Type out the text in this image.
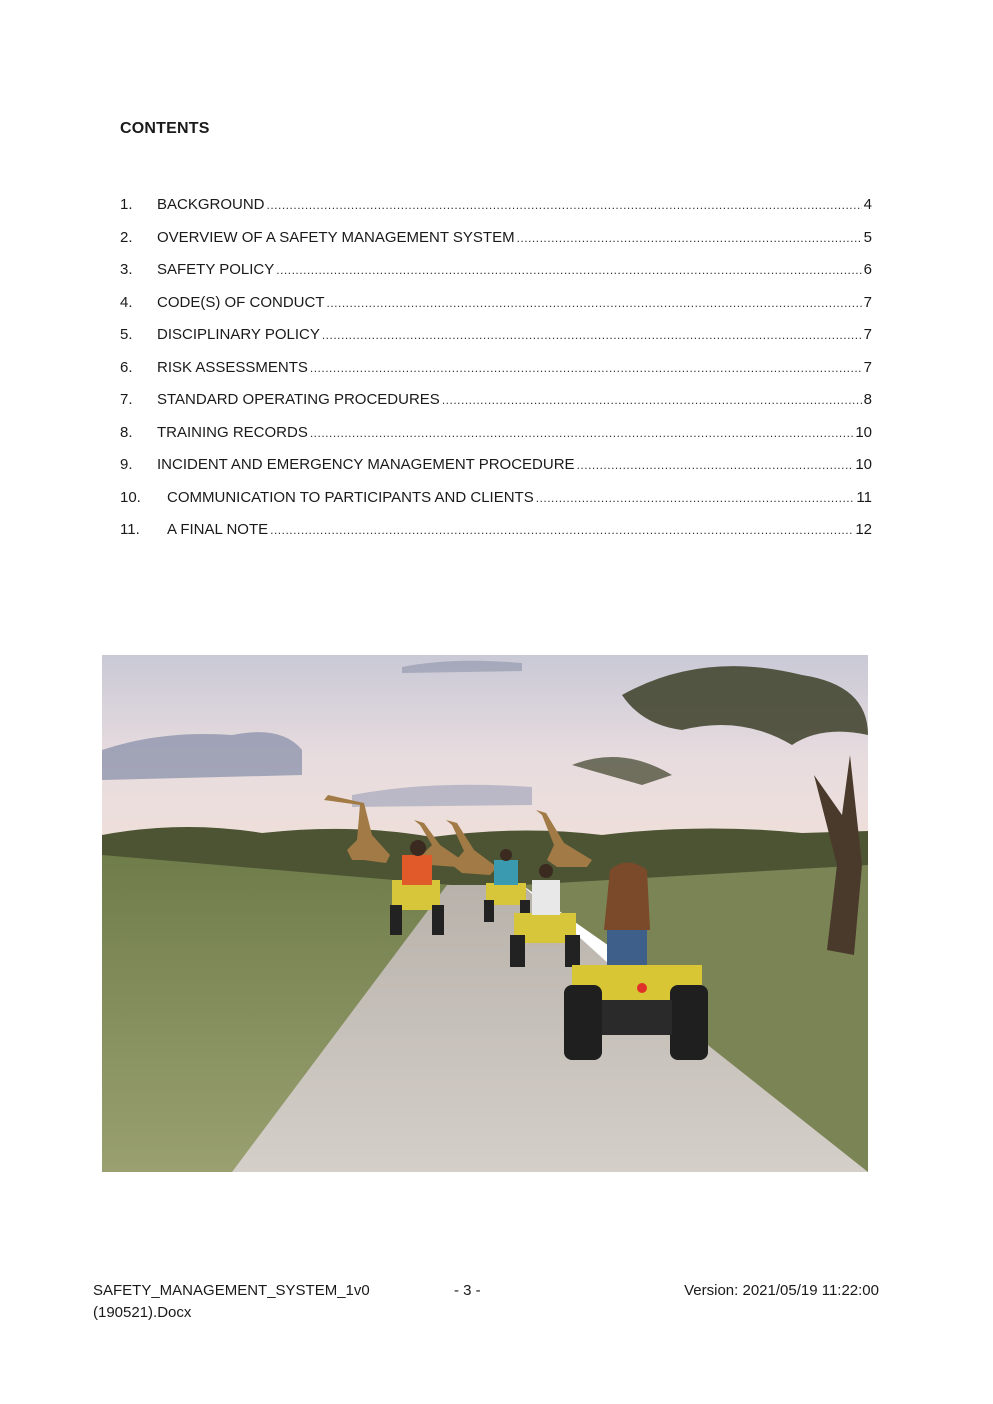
CONTENTS
1.	BACKGROUND .....	4
2.	OVERVIEW OF A SAFETY MANAGEMENT SYSTEM .....	5
3.	SAFETY POLICY .....	6
4.	CODE(S) OF CONDUCT .....	7
5.	DISCIPLINARY POLICY .....	7
6.	RISK ASSESSMENTS .....	7
7.	STANDARD OPERATING PROCEDURES .....	8
8.	TRAINING RECORDS .....	10
9.	INCIDENT AND EMERGENCY MANAGEMENT PROCEDURE .....	10
10.	COMMUNICATION TO PARTICIPANTS AND CLIENTS .....	11
11.	A FINAL NOTE .....	12
SAFETY_MANAGEMENT_SYSTEM_1v0
(190521).Docx
- 3 -	Version: 2021/05/19 11:22:00
